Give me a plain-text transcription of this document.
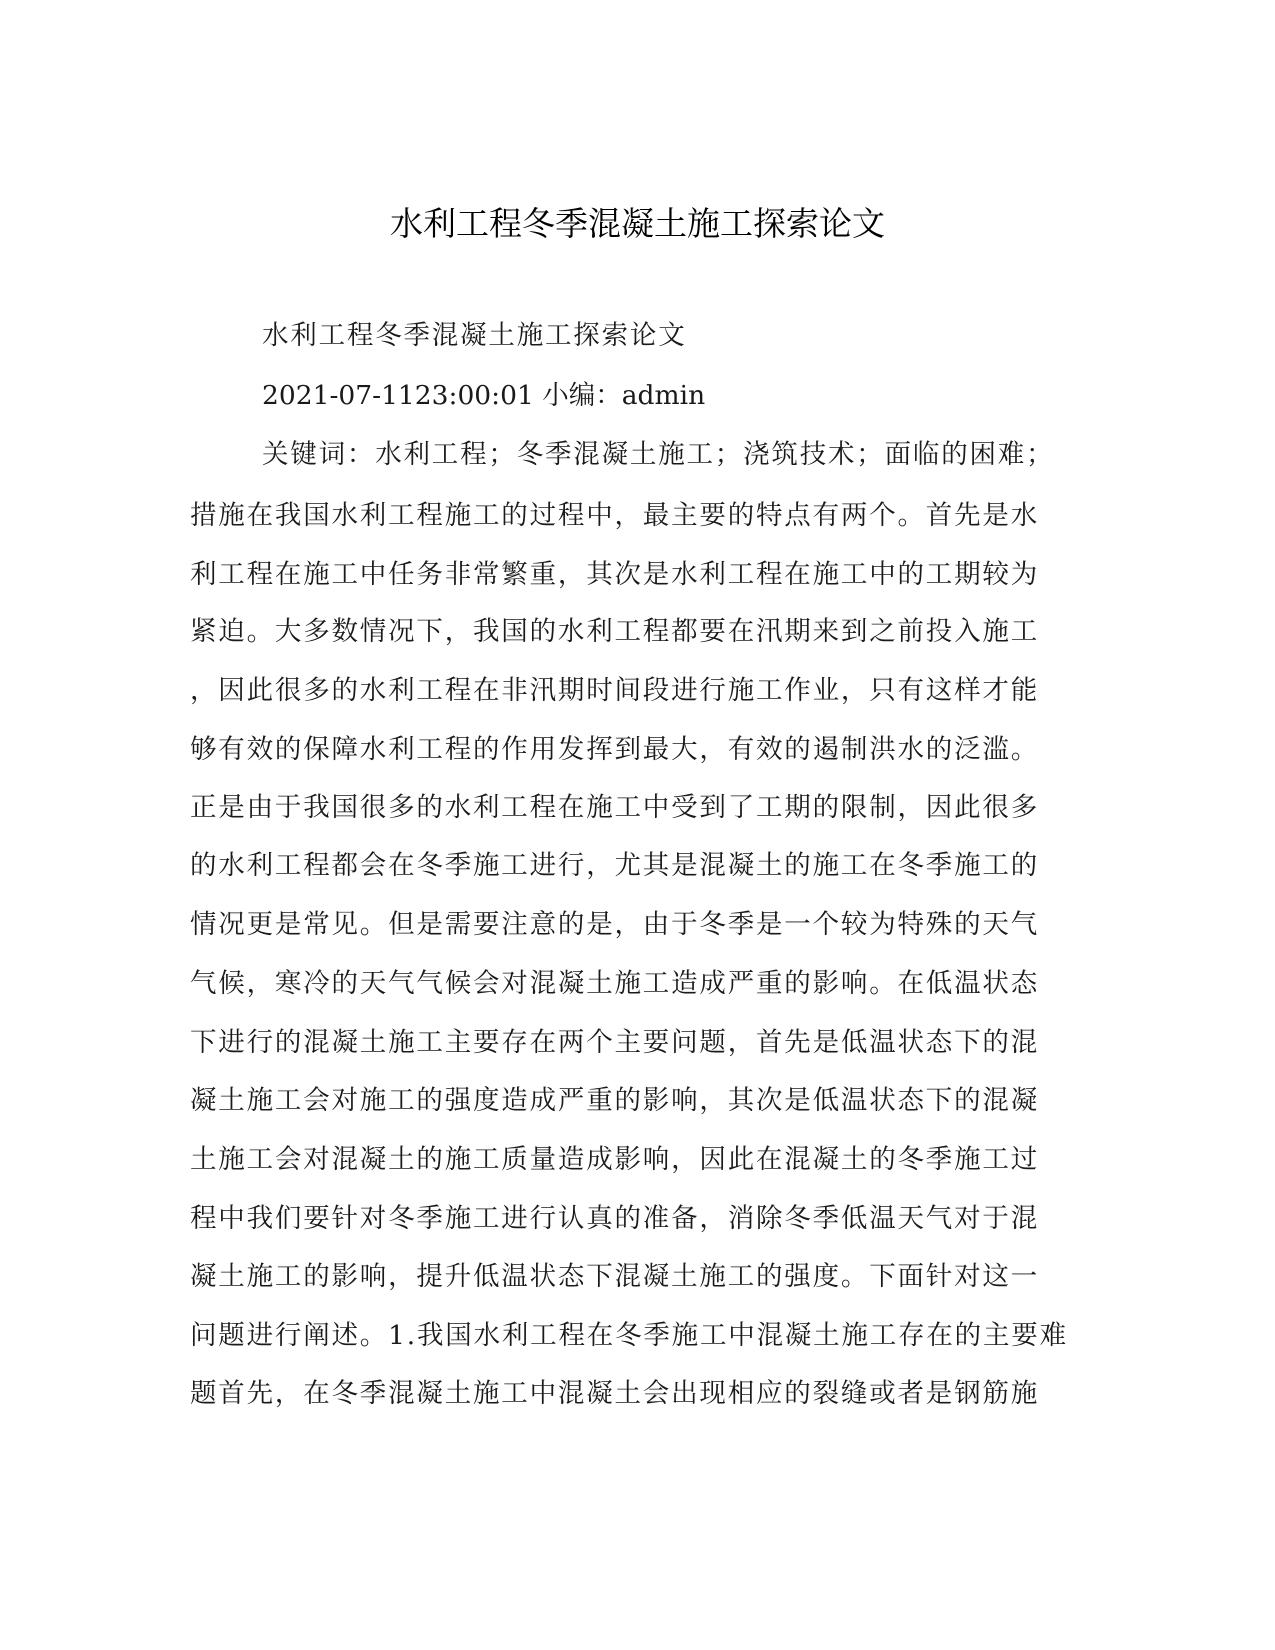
水利工程冬季混凝土施工探索论文
水利工程冬季混凝土施工探索论文
2021-07-1123:00:01 小编：admin
关键词：水利工程；冬季混凝土施工；浇筑技术；面临的困难；
措施在我国水利工程施工的过程中，最主要的特点有两个。首先是水
利工程在施工中任务非常繁重，其次是水利工程在施工中的工期较为
紧迫。大多数情况下，我国的水利工程都要在汛期来到之前投入施工
，因此很多的水利工程在非汛期时间段进行施工作业，只有这样才能
够有效的保障水利工程的作用发挥到最大，有效的遏制洪水的泛滥。
正是由于我国很多的水利工程在施工中受到了工期的限制，因此很多
的水利工程都会在冬季施工进行，尤其是混凝土的施工在冬季施工的
情况更是常见。但是需要注意的是，由于冬季是一个较为特殊的天气
气候，寒冷的天气气候会对混凝土施工造成严重的影响。在低温状态
下进行的混凝土施工主要存在两个主要问题，首先是低温状态下的混
凝土施工会对施工的强度造成严重的影响，其次是低温状态下的混凝
土施工会对混凝土的施工质量造成影响，因此在混凝土的冬季施工过
程中我们要针对冬季施工进行认真的准备，消除冬季低温天气对于混
凝土施工的影响，提升低温状态下混凝土施工的强度。下面针对这一
问题进行阐述。1.我国水利工程在冬季施工中混凝土施工存在的主要难
题首先，在冬季混凝土施工中混凝土会出现相应的裂缝或者是钢筋施
